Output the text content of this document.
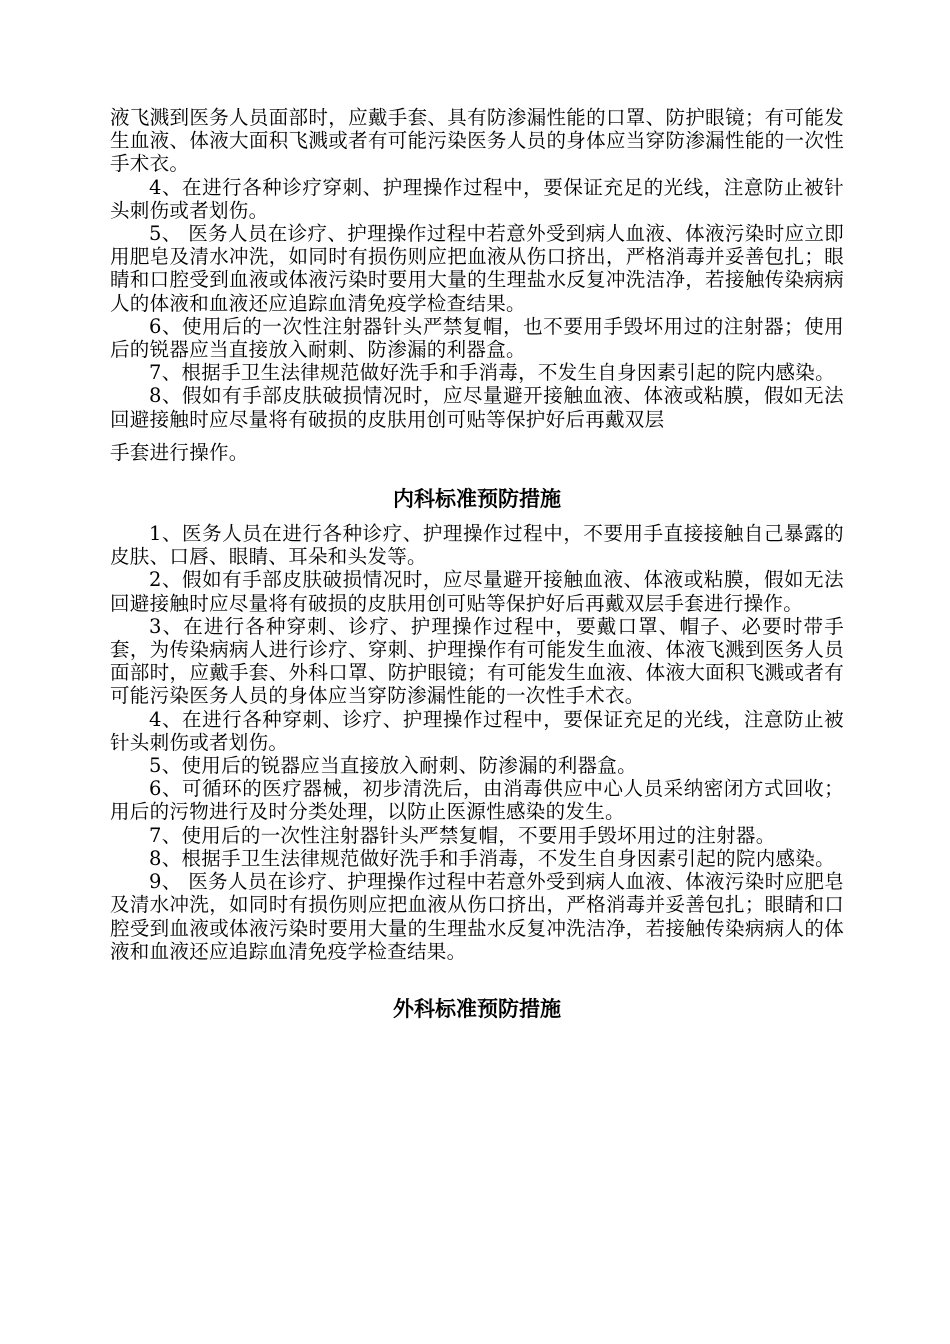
液飞溅到医务人员面部时，应戴手套、具有防渗漏性能的口罩、防护眼镜；有可能发生血液、体液大面积飞溅或者有可能污染医务人员的身体应当穿防渗漏性能的一次性手术衣。

4、在进行各种诊疗穿刺、护理操作过程中，要保证充足的光线，注意防止被针头刺伤或者划伤。

5、 医务人员在诊疗、护理操作过程中若意外受到病人血液、体液污染时应立即用肥皂及清水冲洗，如同时有损伤则应把血液从伤口挤出，严格消毒并妥善包扎；眼睛和口腔受到血液或体液污染时要用大量的生理盐水反复冲洗洁净，若接触传染病病人的体液和血液还应追踪血清免疫学检查结果。

6、使用后的一次性注射器针头严禁复帽，也不要用手毁坏用过的注射器；使用后的锐器应当直接放入耐刺、防渗漏的利器盒。

7、根据手卫生法律规范做好洗手和手消毒，不发生自身因素引起的院内感染。

8、假如有手部皮肤破损情况时，应尽量避开接触血液、体液或粘膜，假如无法回避接触时应尽量将有破损的皮肤用创可贴等保护好后再戴双层

手套进行操作。

内科标准预防措施

1、医务人员在进行各种诊疗、护理操作过程中，不要用手直接接触自己暴露的皮肤、口唇、眼睛、耳朵和头发等。

2、假如有手部皮肤破损情况时，应尽量避开接触血液、体液或粘膜，假如无法回避接触时应尽量将有破损的皮肤用创可贴等保护好后再戴双层手套进行操作。

3、在进行各种穿刺、诊疗、护理操作过程中，要戴口罩、帽子、必要时带手套，为传染病病人进行诊疗、穿刺、护理操作有可能发生血液、体液飞溅到医务人员面部时，应戴手套、外科口罩、防护眼镜；有可能发生血液、体液大面积飞溅或者有可能污染医务人员的身体应当穿防渗漏性能的一次性手术衣。

4、在进行各种穿刺、诊疗、护理操作过程中，要保证充足的光线，注意防止被针头刺伤或者划伤。

5、使用后的锐器应当直接放入耐刺、防渗漏的利器盒。

6、可循环的医疗器械，初步清洗后，由消毒供应中心人员采纳密闭方式回收；用后的污物进行及时分类处理，以防止医源性感染的发生。

7、使用后的一次性注射器针头严禁复帽，不要用手毁坏用过的注射器。

8、根据手卫生法律规范做好洗手和手消毒，不发生自身因素引起的院内感染。

9、 医务人员在诊疗、护理操作过程中若意外受到病人血液、体液污染时应肥皂及清水冲洗，如同时有损伤则应把血液从伤口挤出，严格消毒并妥善包扎；眼睛和口腔受到血液或体液污染时要用大量的生理盐水反复冲洗洁净，若接触传染病病人的体液和血液还应追踪血清免疫学检查结果。

外科标准预防措施
